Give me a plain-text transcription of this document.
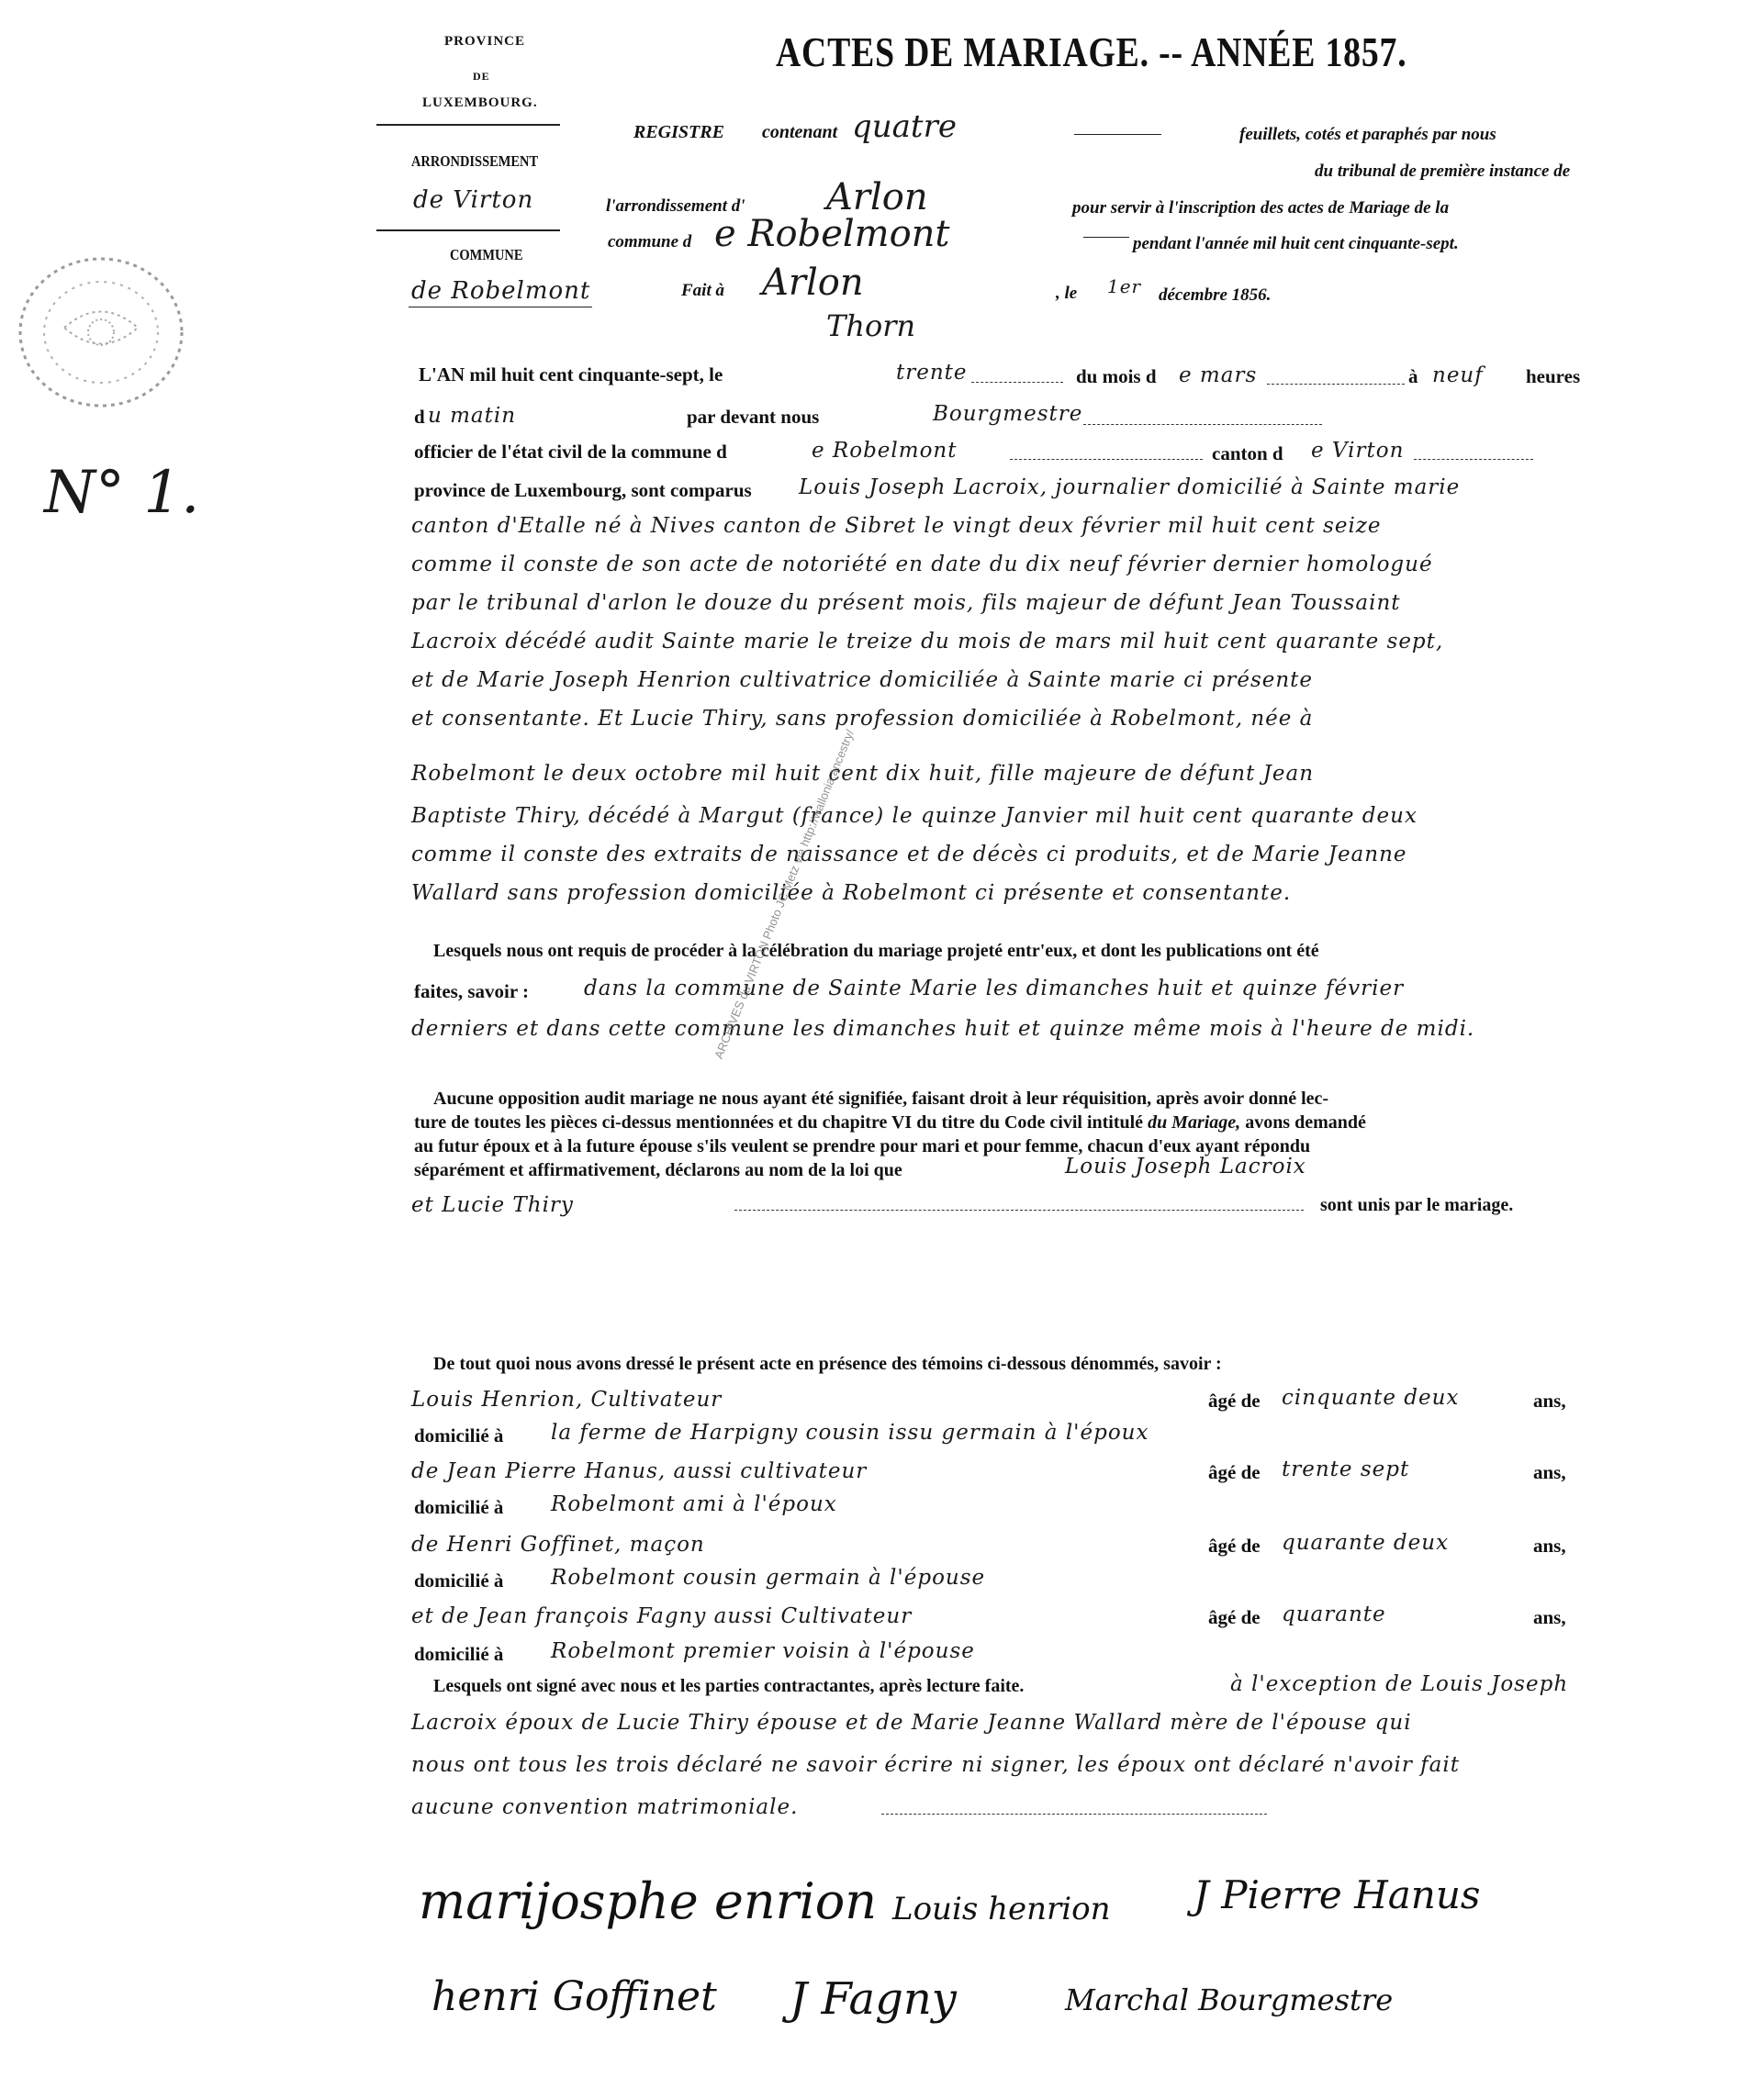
PROVINCE
DE
LUXEMBOURG.
ARRONDISSEMENT
de Virton
COMMUNE
de Robelmont
N° 1.
ACTES DE MARIAGE. -- ANNÉE 1857.
REGISTRE contenant quatre	feuillets, cotés et paraphés par nous
du tribunal de première instance de
l'arrondissement d' Arlon	pour servir à l'inscription des actes de Mariage de la
commune d e Robelmont	pendant l'année mil huit cent cinquante-sept.
Fait à Arlon	, le 1er décembre 1856.
Thorn
L'AN mil huit cent cinquante-sept, le	trente	du mois d e mars	à neuf heures
d u matin	par devant nous	Bourgmestre
officier de l'état civil de la commune d	e Robelmont	canton d e Virton
province de Luxembourg, sont comparus Louis Joseph Lacroix, journalier domicilié à Sainte marie
canton d'Etalle né à Nives canton de Sibret le vingt deux février mil huit cent seize
comme il conste de son acte de notoriété en date du dix neuf février dernier homologué
par le tribunal d'arlon le douze du présent mois, fils majeur de défunt Jean Toussaint
Lacroix décédé audit Sainte marie le treize du mois de mars mil huit cent quarante sept,
et de Marie Joseph Henrion cultivatrice domiciliée à Sainte marie ci présente
et consentante. Et Lucie Thiry, sans profession domiciliée à Robelmont, née à
Robelmont le deux octobre mil huit cent dix huit, fille majeure de défunt Jean
Baptiste Thiry, décédé à Margut (france) le quinze Janvier mil huit cent quarante deux
comme il conste des extraits de naissance et de décès ci produits, et de Marie Jeanne
Wallard sans profession domiciliée à Robelmont ci présente et consentante.
Lesquels nous ont requis de procéder à la célébration du mariage projeté entr'eux, et dont les publications ont été
faites, savoir :	dans la commune de Sainte Marie les dimanches huit et quinze février
derniers et dans cette commune les dimanches huit et quinze même mois à l'heure de midi.
Aucune opposition audit mariage ne nous ayant été signifiée, faisant droit à leur réquisition, après avoir donné lec-
ture de toutes les pièces ci-dessus mentionnées et du chapitre VI du titre du Code civil intitulé du Mariage, avons demandé
au futur époux et à la future épouse s'ils veulent se prendre pour mari et pour femme, chacun d'eux ayant répondu
séparément et affirmativement, déclarons au nom de la loi que	Louis Joseph Lacroix
et Lucie Thiry	sont unis par le mariage.
De tout quoi nous avons dressé le présent acte en présence des témoins ci-dessous dénommés, savoir :
Louis Henrion, Cultivateur	âgé de cinquante deux	ans,
domicilié à la ferme de Harpigny cousin issu germain à l'époux
de Jean Pierre Hanus, aussi cultivateur	âgé de trente sept	ans,
domicilié à Robelmont ami à l'époux
de Henri Goffinet, maçon	âgé de quarante deux	ans,
domicilié à Robelmont cousin germain à l'épouse
et de Jean françois Fagny aussi Cultivateur	âgé de quarante	ans,
domicilié à Robelmont premier voisin à l'épouse
Lesquels ont signé avec nous et les parties contractantes, après lecture faite.	à l'exception de Louis Joseph
Lacroix époux de Lucie Thiry épouse et de Marie Jeanne Wallard mère de l'épouse qui
nous ont tous les trois déclaré ne savoir écrire ni signer, les époux ont déclaré n'avoir fait
aucune convention matrimoniale.
marijosphe enrion Louis henrion J Pierre Hanus
henri Goffinet J Fagny	Marchal Bourgmestre
ARCHIVES du VIRTON Photo JC Metz via http://wallonia.ancestry/
